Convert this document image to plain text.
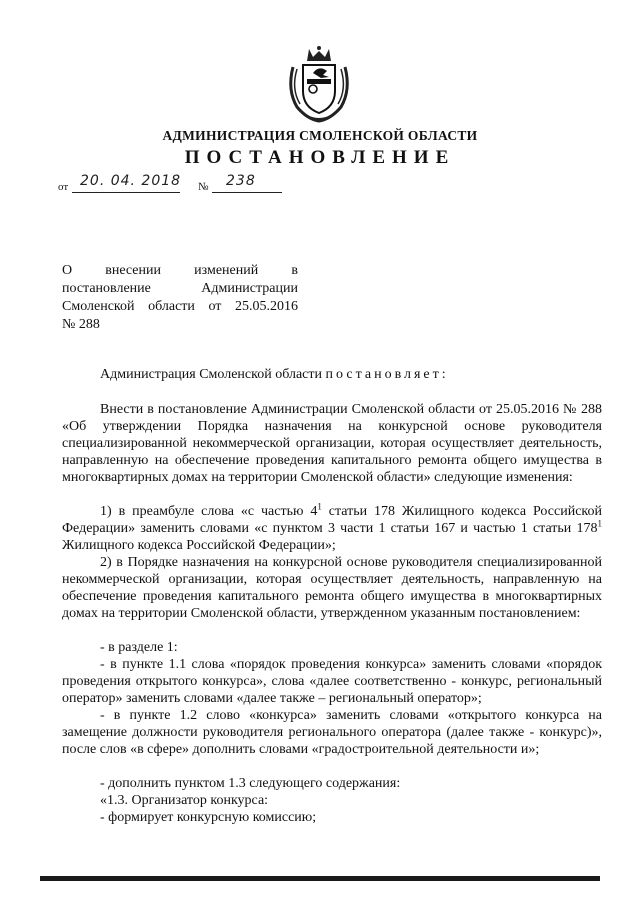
АДМИНИСТРАЦИЯ СМОЛЕНСКОЙ ОБЛАСТИ
ПОСТАНОВЛЕНИЕ
от 20. 04. 2018 № 238
О внесении изменений в
постановление Администрации
Смоленской области от 25.05.2016
№ 288

Администрация Смоленской области постановляет:

Внести в постановление Администрации Смоленской области от 25.05.2016 № 288 «Об утверждении Порядка назначения на конкурсной основе руководителя специализированной некоммерческой организации, которая осуществляет деятельность, направленную на обеспечение проведения капитального ремонта общего имущества в многоквартирных домах на территории Смоленской области» следующие изменения:

1) в преамбуле слова «с частью $4^1$ статьи 178 Жилищного кодекса Российской Федерации» заменить словами «с пунктом 3 части 1 статьи 167 и частью 1 статьи $178^1$ Жилищного кодекса Российской Федерации»;

2) в Порядке назначения на конкурсной основе руководителя специализированной некоммерческой организации, которая осуществляет деятельность, направленную на обеспечение проведения капитального ремонта общего имущества в многоквартирных домах на территории Смоленской области, утвержденном указанным постановлением:

- в разделе 1:

- в пункте 1.1 слова «порядок проведения конкурса» заменить словами «порядок проведения открытого конкурса», слова «далее соответственно - конкурс, региональный оператор» заменить словами «далее также – региональный оператор»;

- в пункте 1.2 слово «конкурса» заменить словами «открытого конкурса на замещение должности руководителя регионального оператора (далее также - конкурс)», после слов «в сфере» дополнить словами «градостроительной деятельности и»;

- дополнить пунктом 1.3 следующего содержания:

«1.3. Организатор конкурса:

- формирует конкурсную комиссию;
